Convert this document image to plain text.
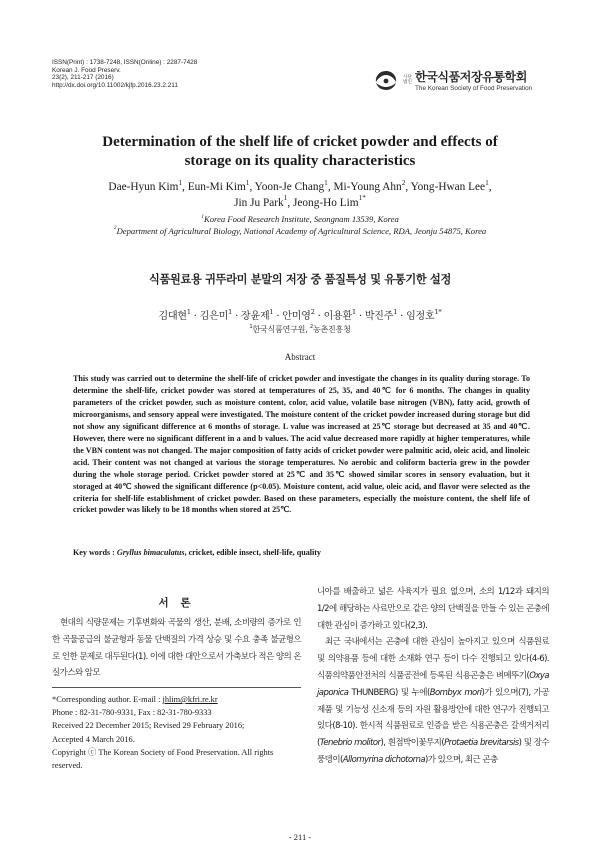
ISSN(Print) : 1738-7248, ISSN(Online) : 2287-7428
Korean J. Food Preserv.
23(2), 211-217 (2016)
http://dx.doi.org/10.11002/kjfp.2016.23.2.211
사단법인 한국식품저장유통학회
The Korean Society of Food Preservation
Determination of the shelf life of cricket powder and effects of
storage on its quality characteristics
Dae-Hyun Kim$^1$, Eun-Mi Kim$^1$, Yoon-Je Chang$^1$, Mi-Young Ahn$^2$, Yong-Hwan Lee$^1$,
Jin Ju Park$^1$, Jeong-Ho Lim$^{1*}$
$^1$Korea Food Research Institute, Seongnam 13539, Korea
$^2$Department of Agricultural Biology, National Academy of Agricultural Science, RDA, Jeonju 54875, Korea
식품원료용 귀뚜라미 분말의 저장 중 품질특성 및 유통기한 설정
김대현$^1$ · 김은미$^1$ · 장윤제$^1$ · 안미영$^2$ · 이용환$^1$ · 박진주$^1$ · 임정호$^{1*}$
$^1$한국식품연구원, $^2$농촌진흥청
Abstract
This study was carried out to determine the shelf-life of cricket powder and investigate the changes in its quality during storage. To determine the shelf-life, cricket powder was stored at temperatures of 25, 35, and 40℃ for 6 months. The changes in quality parameters of the cricket powder, such as moisture content, color, acid value, volatile base nitrogen (VBN), fatty acid, growth of microorganisms, and sensory appeal were investigated. The moisture content of the cricket powder increased during storage but did not show any significant difference at 6 months of storage. L value was increased at 25℃ storage but decreased at 35 and 40℃. However, there were no significant different in a and b values. The acid value decreased more rapidly at higher temperatures, while the VBN content was not changed. The major composition of fatty acids of cricket powder were palmitic acid, oleic acid, and linoleic acid. Their content was not changed at various the storage temperatures. No aerobic and coliform bacteria grew in the powder during the whole storage period. Cricket powder stored at 25℃ and 35℃ showed similar scores in sensory evaluation, but it storaged at 40℃ showed the significant difference (p<0.05). Moisture content, acid value, oleic acid, and flavor were selected as the criteria for shelf-life establishment of cricket powder. Based on these parameters, especially the moisture content, the shelf life of cricket powder was likely to be 18 months when stored at 25℃.
Key words : Gryllus bimaculatus, cricket, edible insect, shelf-life, quality
서 론
현대의 식량문제는 기후변화와 곡물의 생산, 분배, 소비량의 증가로 인한 곡물공급의 불균형과 동물 단백질의 가격 상승 및 수요 충족 불균형으로 인한 문제로 대두된다(1). 이에 대한 대안으로서 가축보다 적은 양의 온실가스와 암모

니아를 배출하고 넓은 사육지가 필요 없으며, 소의 1/12과 돼지의 1/2에 해당하는 사료만으로 같은 양의 단백질을 만들 수 있는 곤충에 대한 관심이 증가하고 있다(2,3).

최근 국내에서는 곤충에 대한 관심이 높아지고 있으며 식품원료 및 의약용품 등에 대한 소재화 연구 등이 다수 진행되고 있다(4-6). 식품의약품안전처의 식품공전에 등록된 식용곤충은 벼메뚜기(Oxya japonica THUNBERG) 및 누에(Bombyx mori)가 있으며(7), 가공제품 및 기능성 신소재 등의 자원 활용방안에 대한 연구가 진행되고 있다(8-10). 한시적 식품원료로 인증을 받은 식용곤충은 갈색거저리(Tenebrio molitor), 흰점박이꽃무지(Protaetia brevitarsis) 및 장수풍뎅이(Allomyrina dichotoma)가 있으며, 최근 곤충

*Corresponding author. E-mail : jhlim@kfri.re.kr
Phone : 82-31-780-9331, Fax : 82-31-780-9333
Received 22 December 2015; Revised 29 February 2016;
Accepted 4 March 2016.
Copyright ⓒ The Korean Society of Food Preservation. All rights reserved.
- 211 -
